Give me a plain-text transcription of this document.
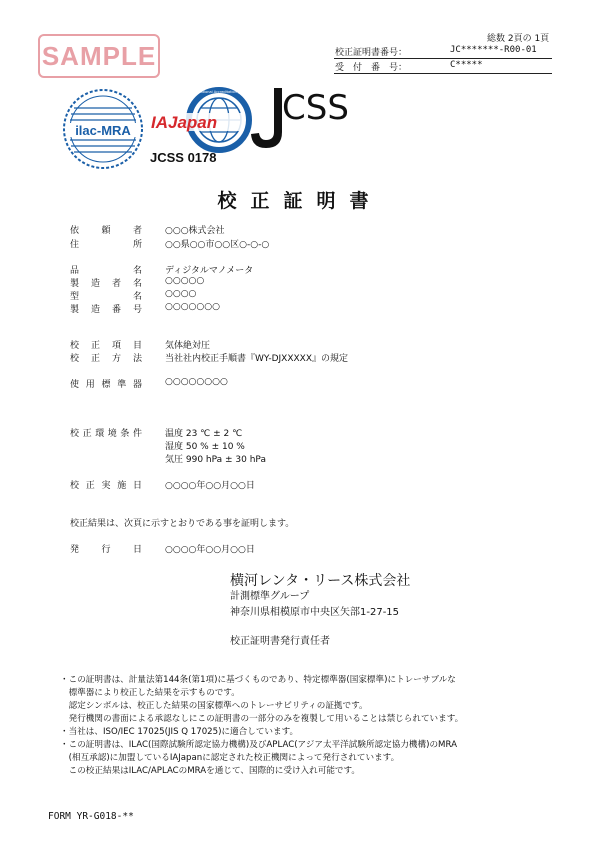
SAMPLE
総数 2頁の 1頁
校正証明書番号：	JC*******-R00-01
受　付　番　号：	C*****
ilac-MRA
International Accreditation Japan
IAJapan
JCSS 0178
CSS
校正証明書
依頼者	○○○株式会社
住所	○○県○○市○○区○-○-○
品名	ディジタルマノメータ
製造者名	○○○○○
型名	○○○○
製造番号	○○○○○○○
校正項目	気体絶対圧
校正方法	当社社内校正手順書『WY-DJXXXXX』の規定
使用標準器	○○○○○○○○
校正環境条件	温度 23 ℃ ± 2 ℃
湿度 50 % ± 10 %
気圧 990 hPa ± 30 hPa
校正実施日	○○○○年○○月○○日
校正結果は、次頁に示すとおりである事を証明します。
発行日	○○○○年○○月○○日
横河レンタ・リース株式会社
計測標準グループ
神奈川県相模原市中央区矢部1-27-15
校正証明書発行責任者
・この証明書は、計量法第144条(第1項)に基づくものであり、特定標準器(国家標準)にトレーサブルな
　標準器により校正した結果を示すものです。
　認定シンボルは、校正した結果の国家標準へのトレーサビリティの証拠です。
　発行機関の書面による承認なしにこの証明書の一部分のみを複製して用いることは禁じられています。
・当社は、ISO/IEC 17025(JIS Q 17025)に適合しています。
・この証明書は、ILAC(国際試験所認定協力機構)及びAPLAC(アジア太平洋試験所認定協力機構)のMRA
　(相互承認)に加盟しているIAJapanに認定された校正機関によって発行されています。
　この校正結果はILAC/APLACのMRAを通じて、国際的に受け入れ可能です。
FORM YR-G018-**
